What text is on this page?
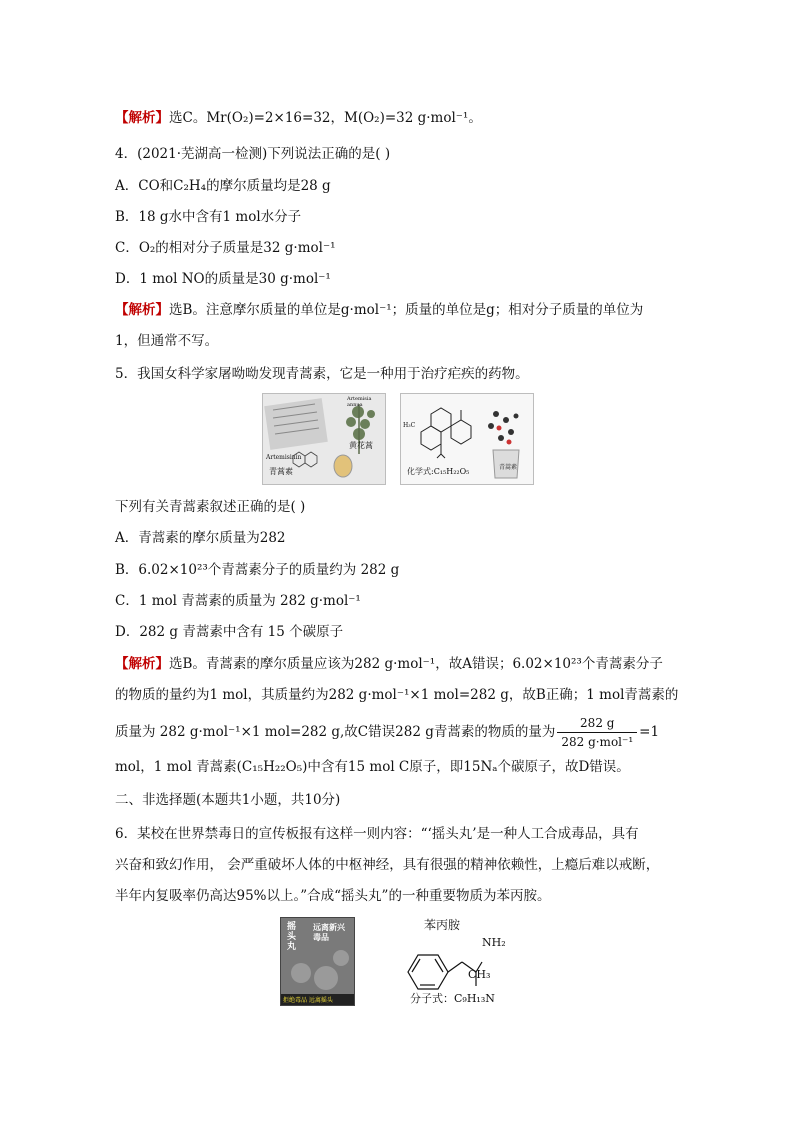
【解析】选C。Mr(O₂)=2×16=32，M(O₂)=32 g·mol⁻¹。
4．(2021·芜湖高一检测)下列说法正确的是( )
A．CO和C₂H₄的摩尔质量均是28 g
B．18 g水中含有1 mol水分子
C．O₂的相对分子质量是32 g·mol⁻¹
D．1 mol NO的质量是30 g·mol⁻¹
【解析】选B。注意摩尔质量的单位是g·mol⁻¹；质量的单位是g；相对分子质量的单位为
1，但通常不写。
5．我国女科学家屠呦呦发现青蒿素，它是一种用于治疗疟疾的药物。
Artemisinin
青蒿素
黄花蒿
Artemisia annua
H₃C
青蒿素
化学式:C₁₅H₂₂O₅
下列有关青蒿素叙述正确的是( )
A．青蒿素的摩尔质量为282
B．6.02×10²³个青蒿素分子的质量约为 282 g
C．1 mol 青蒿素的质量为 282 g·mol⁻¹
D．282 g 青蒿素中含有 15 个碳原子
【解析】选B。青蒿素的摩尔质量应该为282 g·mol⁻¹，故A错误；6.02×10²³个青蒿素分子
的物质的量约为1 mol，其质量约为282 g·mol⁻¹×1 mol=282 g，故B正确；1 mol青蒿素的
质量为 282 g·mol⁻¹×1 mol=282 g,故C错误282 g青蒿素的物质的量为 $\frac{282 g}{\text{282 g·mol⁻¹}} =1$
mol，1 mol 青蒿素(C₁₅H₂₂O₅)中含有15 mol C原子，即15Nₐ个碳原子，故D错误。
二、非选择题(本题共1小题，共10分)
6．某校在世界禁毒日的宣传板报有这样一则内容：“‘摇头丸’是一种人工合成毒品，具有
兴奋和致幻作用， 会严重破坏人体的中枢神经，具有很强的精神依赖性，上瘾后难以戒断，
半年内复吸率仍高达95%以上。”合成“摇头丸”的一种重要物质为苯丙胺。
摇头丸
远离新兴毒品
拒绝毒品 远离摇头
苯丙胺
NH₂
CH₃
分子式：C₉H₁₃N
